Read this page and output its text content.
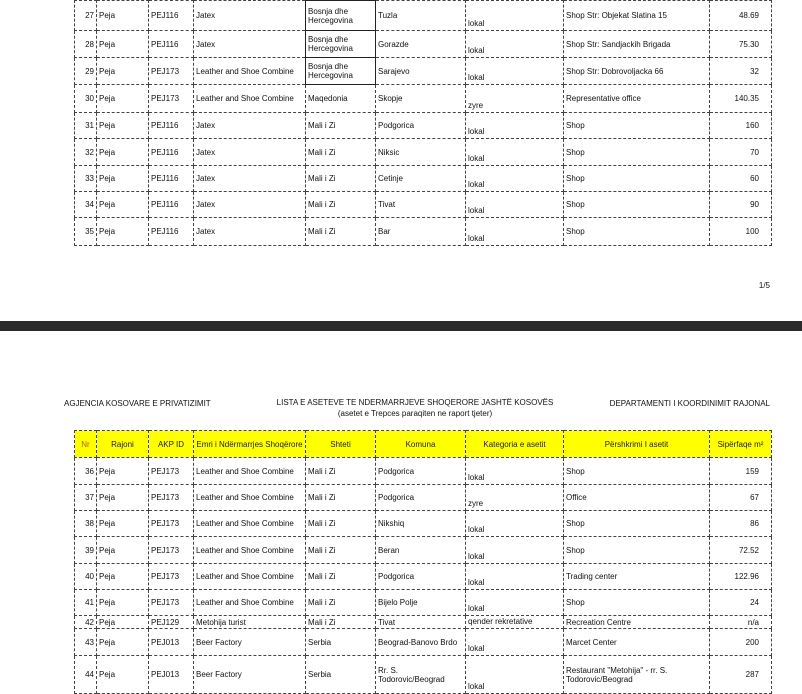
27	Peja	PEJ116	Jatex	Bosnja dhe Hercegovina	Tuzla	lokal	Shop Str: Objekat Slatina 15	48.69
28	Peja	PEJ116	Jatex	Bosnja dhe Hercegovina	Gorazde	lokal	Shop Str: Sandjackih Brigada	75.30
29	Peja	PEJ173	Leather and Shoe Combine	Bosnja dhe Hercegovina	Sarajevo	lokal	Shop Str: Dobrovoljacka 66	32
30	Peja	PEJ173	Leather and Shoe Combine	Maqedonia	Skopje	zyre	Representative office	140.35
31	Peja	PEJ116	Jatex	Mali i Zi	Podgorica	lokal	Shop	160
32	Peja	PEJ116	Jatex	Mali i Zi	Niksic	lokal	Shop	70
33	Peja	PEJ116	Jatex	Mali i Zi	Cetinje	lokal	Shop	60
34	Peja	PEJ116	Jatex	Mali i Zi	Tivat	lokal	Shop	90
35	Peja	PEJ116	Jatex	Mali i Zi	Bar	lokal	Shop	100
1/5
AGJENCIA KOSOVARE E PRIVATIZIMIT	LISTA E ASETEVE TE NDERMARRJEVE SHOQERORE JASHTË KOSOVËS
(asetet e Trepces paraqiten ne raport tjeter)
DEPARTAMENTI I KOORDINIMIT RAJONAL
Nr	Rajoni	AKP ID	Emri i Ndërmarrjes Shoqërore	Shteti	Komuna	Kategoria e asetit	Përshkrimi I asetit	Sipërfaqe m²
36	Peja	PEJ173	Leather and Shoe Combine	Mali i Zi	Podgorica	lokal	Shop	159
37	Peja	PEJ173	Leather and Shoe Combine	Mali i Zi	Podgorica	zyre	Office	67
38	Peja	PEJ173	Leather and Shoe Combine	Mali i Zi	Nikshiq	lokal	Shop	86
39	Peja	PEJ173	Leather and Shoe Combine	Mali i Zi	Beran	lokal	Shop	72.52
40	Peja	PEJ173	Leather and Shoe Combine	Mali i Zi	Podgorica	lokal	Trading center	122.96
41	Peja	PEJ173	Leather and Shoe Combine	Mali i Zi	Bijelo Polje	lokal	Shop	24
42	Peja	PEJ129	Metohija turist	Mali i Zi	Tivat	qender rekretative	Recreation Centre	n/a
43	Peja	PEJ013	Beer Factory	Serbia	Beograd-Banovo Brdo	lokal	Marcet Center	200
44	Peja	PEJ013	Beer Factory	Serbia	Rr. S. Todorovic/Beograd	lokal	Restaurant "Metohija" - rr. S. Todorovic/Beograd	287
